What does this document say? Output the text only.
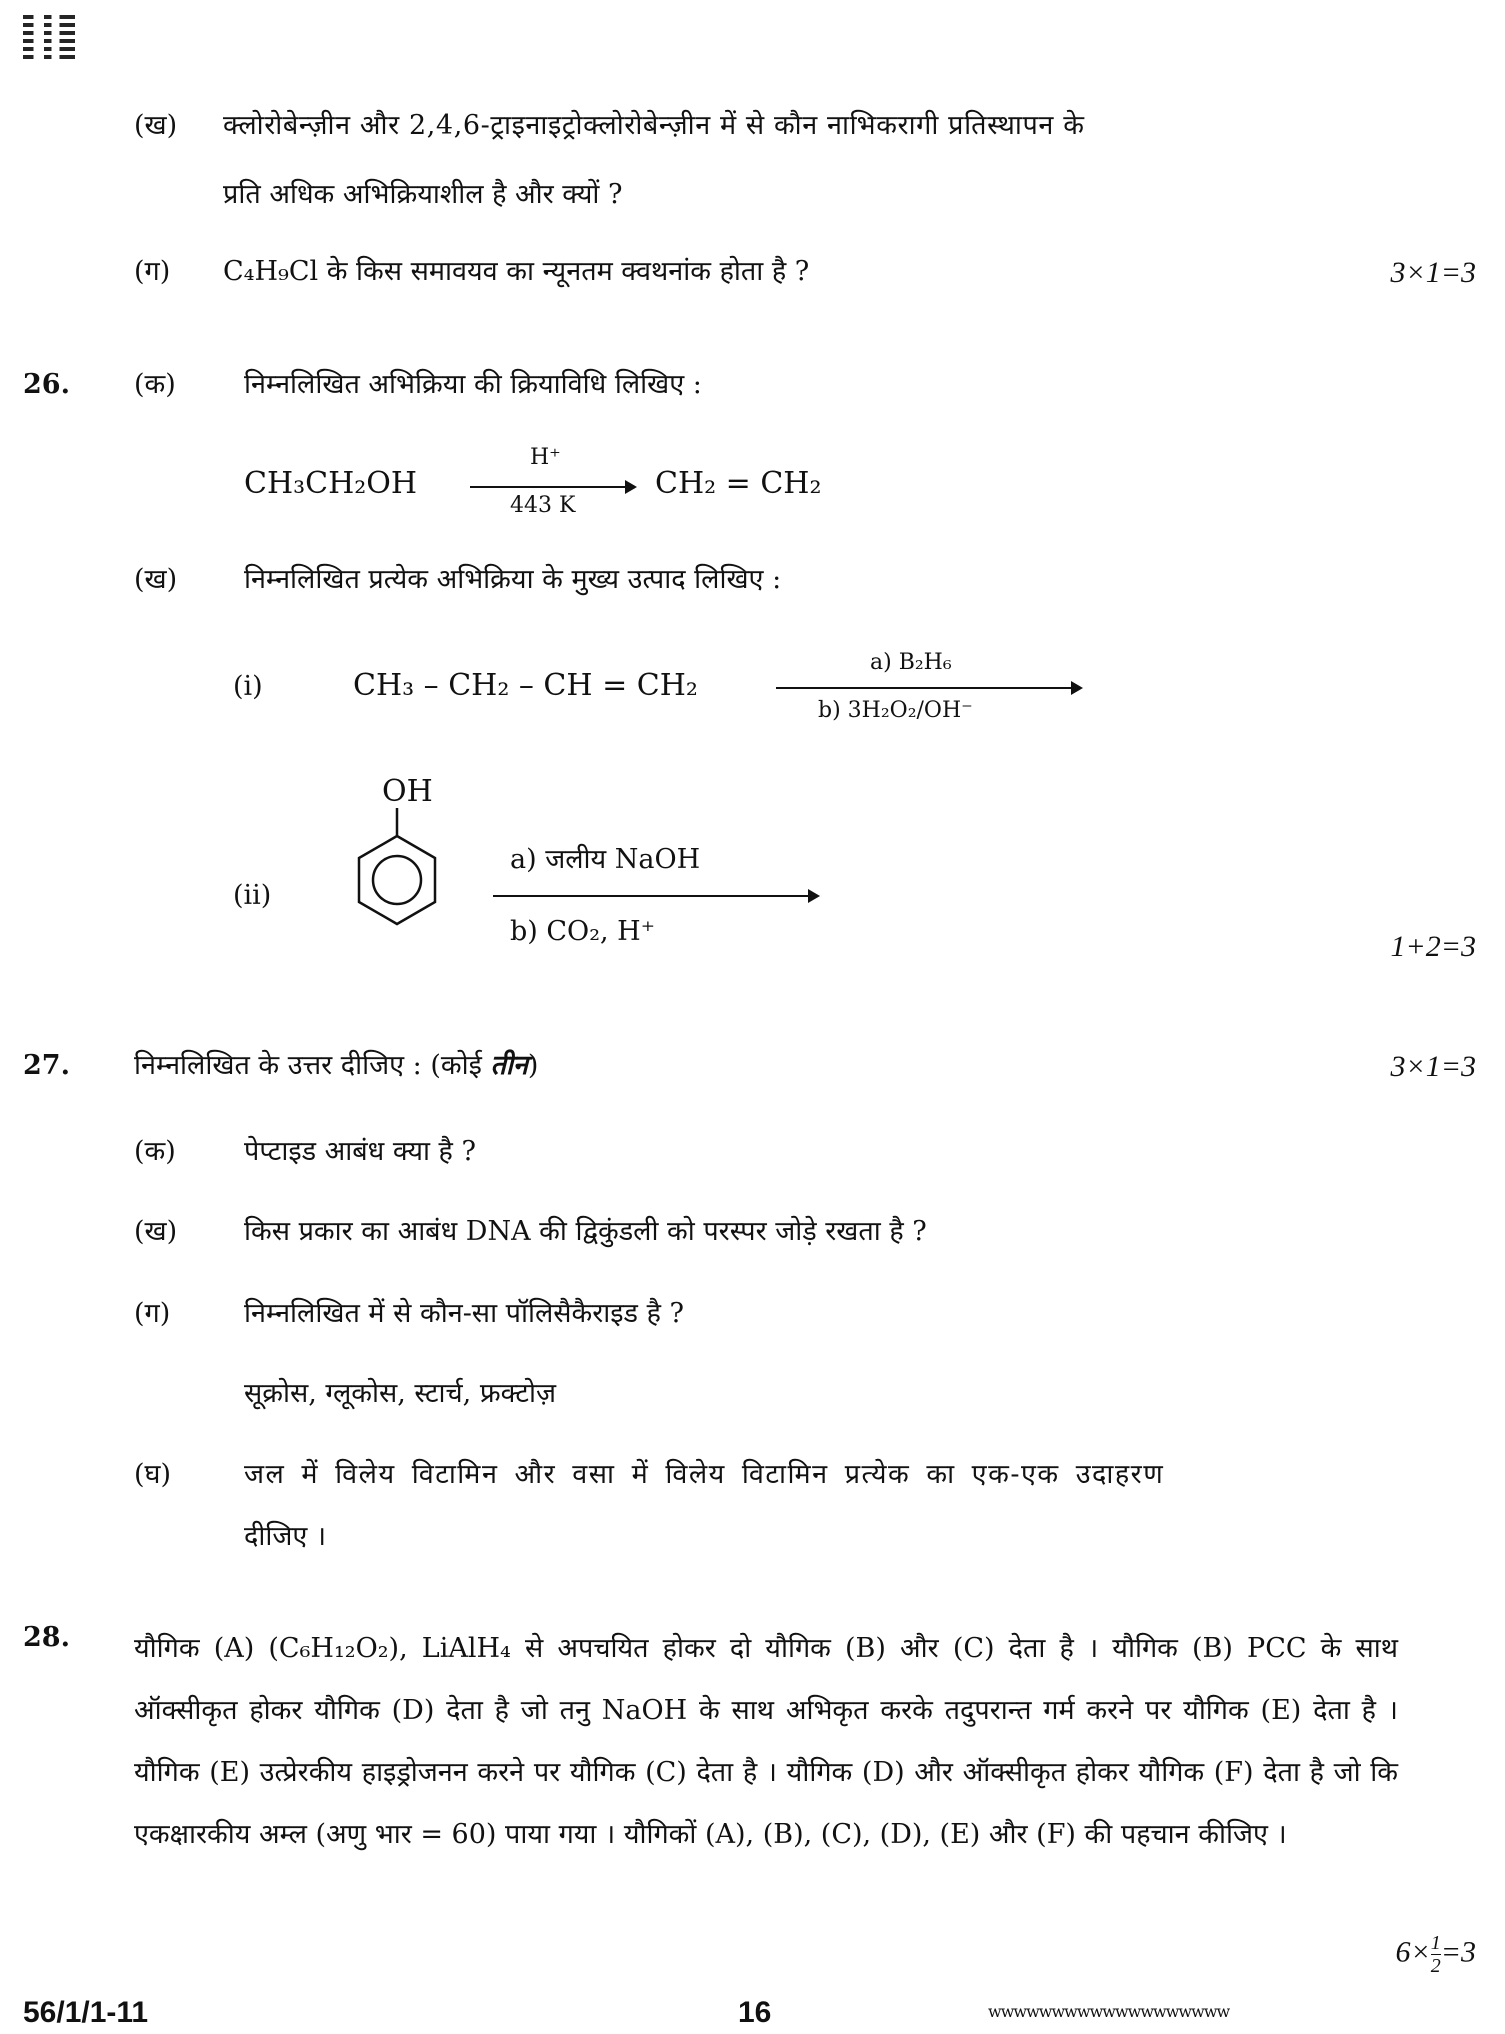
(ख) क्लोरोबेन्ज़ीन और 2,4,6-ट्राइनाइट्रोक्लोरोबेन्ज़ीन में से कौन नाभिकरागी प्रतिस्थापन के
प्रति अधिक अभिक्रियाशील है और क्यों ?
(ग) C₄H₉Cl के किस समावयव का न्यूनतम क्वथनांक होता है ?	3×1=3
26. (क)	निम्नलिखित अभिक्रिया की क्रियाविधि लिखिए :
CH₃CH₂OH
H⁺
443 K
CH₂ = CH₂
(ख) निम्नलिखित प्रत्येक अभिक्रिया के मुख्य उत्पाद लिखिए :
(i)	CH₃ – CH₂ – CH = CH₂
a) B₂H₆
b) 3H₂O₂/OH⁻
OH
(ii)
a) जलीय NaOH
b) CO₂, H⁺	1+2=3
27. निम्नलिखित के उत्तर दीजिए : (कोई तीन)	3×1=3
(क)	पेप्टाइड आबंध क्या है ?
(ख) किस प्रकार का आबंध DNA की द्विकुंडली को परस्पर जोड़े रखता है ?
(ग)	निम्नलिखित में से कौन-सा पॉलिसैकैराइड है ?
सूक्रोस, ग्लूकोस, स्टार्च, फ्रक्टोज़
(घ)	जल में विलेय विटामिन और वसा में विलेय विटामिन प्रत्येक का एक-एक उदाहरण
दीजिए ।
28. यौगिक (A) (C₆H₁₂O₂), LiAlH₄ से अपचयित होकर दो यौगिक (B) और (C) देता है । यौगिक (B) PCC के साथ ऑक्सीकृत होकर यौगिक (D) देता है जो तनु NaOH के साथ अभिकृत करके तदुपरान्त गर्म करने पर यौगिक (E) देता है । यौगिक (E) उत्प्रेरकीय हाइड्रोजनन करने पर यौगिक (C) देता है । यौगिक (D) और ऑक्सीकृत होकर यौगिक (F) देता है जो कि एकक्षारकीय अम्ल (अणु भार = 60) पाया गया । यौगिकों (A), (B), (C), (D), (E) और (F) की पहचान कीजिए ।
$6\times \frac{1}{2} =3$
56/1/1-11	16	wwwwwwwwwwwwwwwwwww
